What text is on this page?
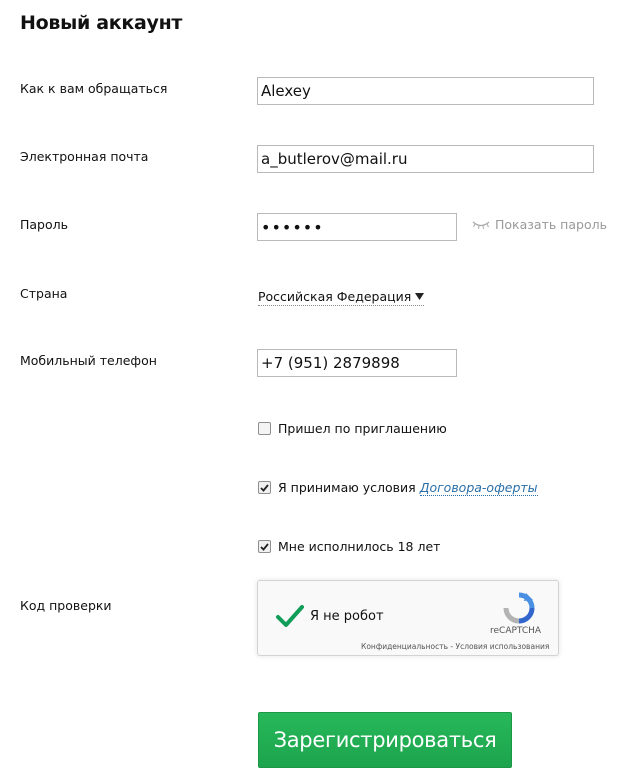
Новый аккаунт
Как к вам обращаться
Alexey
Электронная почта
a_butlerov@mail.ru
Пароль
••••••	Показать пароль
Страна	Российская Федерация
Мобильный телефон
+7 (951) 2879898
Пришел по приглашению
Я принимаю условия Договора-оферты
Мне исполнилось 18 лет
Код проверки
Я не робот
reCAPTCHA
Конфиденциальность - Условия использования
Зарегистрироваться
